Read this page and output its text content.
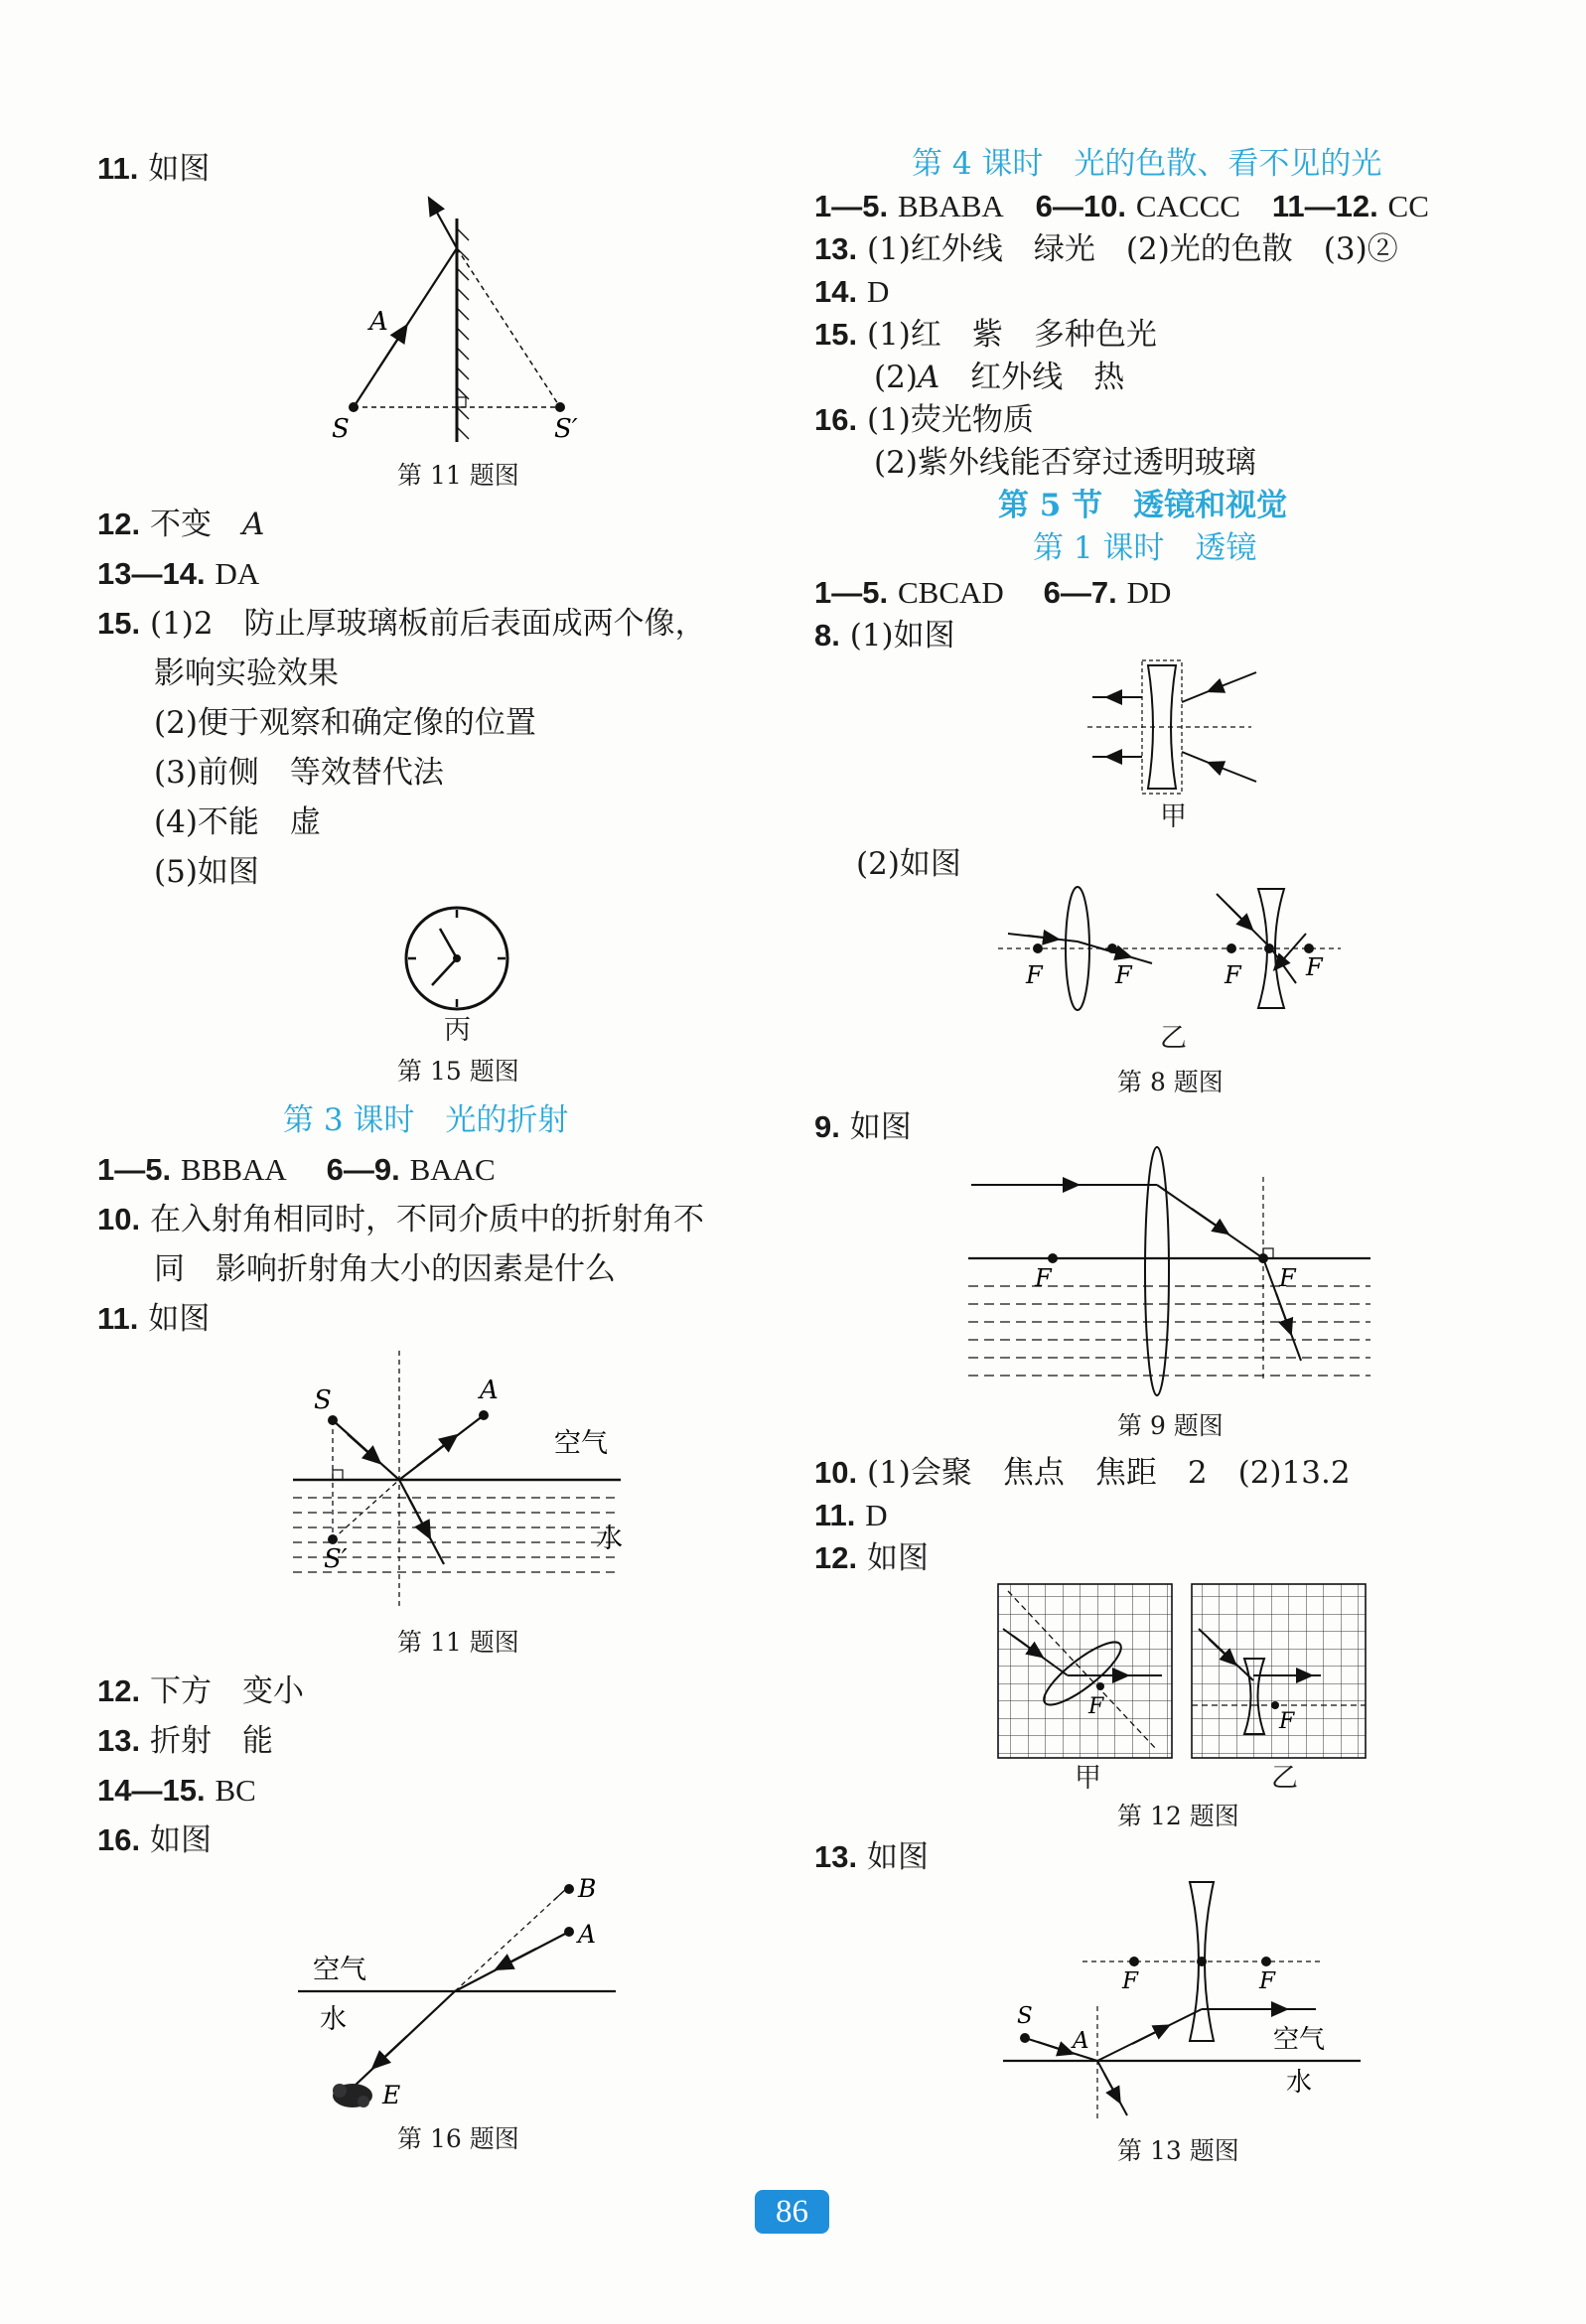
11. 如图
A
S	S′
第 11 题图
12. 不变　 A
13—14. DA
15. (1)2　防止厚玻璃板前后表面成两个像，
影响实验效果
(2)便于观察和确定像的位置
(3)前侧　等效替代法
(4)不能　虚
(5)如图
丙
第 15 题图
第 3 课时　光的折射
1—5. BBBAA 6—9. BAAC
10. 在入射角相同时，不同介质中的折射角不
同　影响折射角大小的因素是什么
11. 如图
S	A
S′
空气
水
第 11 题图
12. 下方　变小
13. 折射　能
14—15. BC
16. 如图
B
A
空气
水
E
第 16 题图
第 4 课时　光的色散、看不见的光
1—5. BBABA 6—10. CACCC 11—12. CC
13. (1)红外线　绿光　(2)光的色散　(3)②
14. D
15. (1)红　紫　多种色光
(2)A　红外线　热
16. (1)荧光物质
(2)紫外线能否穿过透明玻璃
第 5 节　透镜和视觉
第 1 课时　透镜
1—5. CBCAD 6—7. DD
8. (1)如图
甲
(2)如图
F	F	F	F
乙
第 8 题图
9. 如图
F	F
第 9 题图
10. (1)会聚　焦点　焦距　2　(2)13.2
11. D
12. 如图
F
F
甲	乙
第 12 题图
13. 如图
F	F
S
A	空气
水
第 13 题图
86
